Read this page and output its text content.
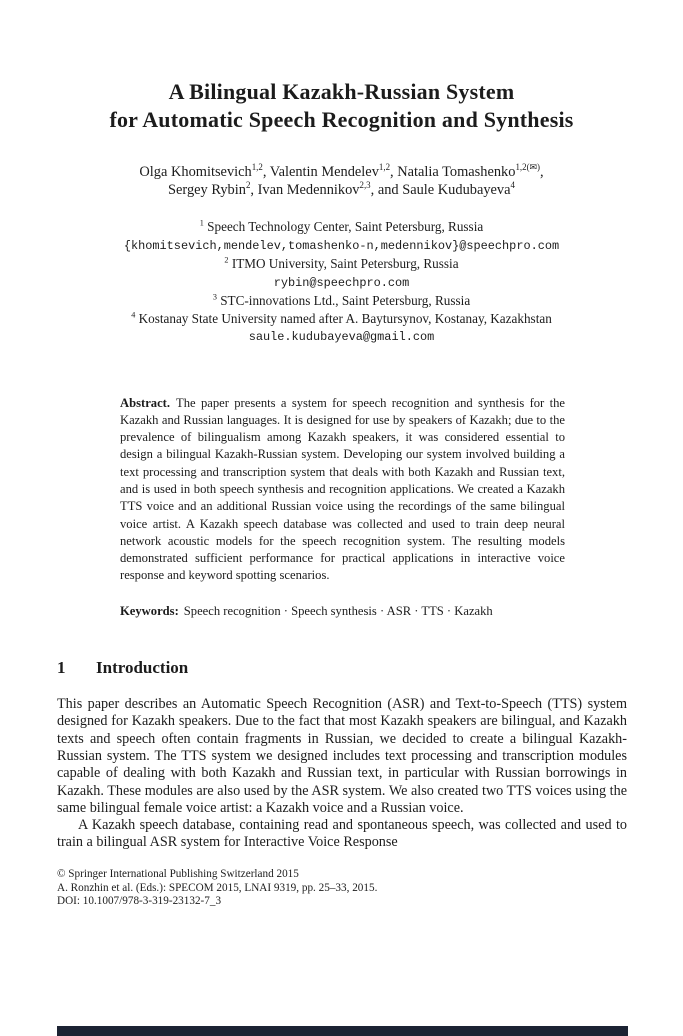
A Bilingual Kazakh-Russian System
for Automatic Speech Recognition and Synthesis
Olga Khomitsevich$^{1,2}$, Valentin Mendelev$^{1,2}$, Natalia Tomashenko$^{1,2(✉)}$,
Sergey Rybin$^2$, Ivan Medennikov$^{2,3}$, and Saule Kudubayeva$^4$
$^1$ Speech Technology Center, Saint Petersburg, Russia
{khomitsevich,mendelev,tomashenko-n,medennikov}@speechpro.com
$^2$ ITMO University, Saint Petersburg, Russia
rybin@speechpro.com
$^3$ STC-innovations Ltd., Saint Petersburg, Russia
$^4$ Kostanay State University named after A. Baytursynov, Kostanay, Kazakhstan
saule.kudubayeva@gmail.com
Abstract. The paper presents a system for speech recognition and synthesis for the Kazakh and Russian languages. It is designed for use by speakers of Kazakh; due to the prevalence of bilingualism among Kazakh speakers, it was considered essential to design a bilingual Kazakh-Russian system. Developing our system involved building a text processing and transcription system that deals with both Kazakh and Russian text, and is used in both speech synthesis and recognition applications. We created a Kazakh TTS voice and an additional Russian voice using the recordings of the same bilingual voice artist. A Kazakh speech database was collected and used to train deep neural network acoustic models for the speech recognition system. The resulting models demonstrated sufficient performance for practical applications in interactive voice response and keyword spotting scenarios.
Keywords: Speech recognition · Speech synthesis · ASR · TTS · Kazakh
1 Introduction

This paper describes an Automatic Speech Recognition (ASR) and Text-to-Speech (TTS) system designed for Kazakh speakers. Due to the fact that most Kazakh speakers are bilingual, and Kazakh texts and speech often contain fragments in Russian, we decided to create a bilingual Kazakh-Russian system. The TTS system we designed includes text processing and transcription modules capable of dealing with both Kazakh and Russian text, in particular with Russian borrowings in Kazakh. These modules are also used by the ASR system. We also created two TTS voices using the same bilingual female voice artist: a Kazakh voice and a Russian voice.

A Kazakh speech database, containing read and spontaneous speech, was collected and used to train a bilingual ASR system for Interactive Voice Response

© Springer International Publishing Switzerland 2015
A. Ronzhin et al. (Eds.): SPECOM 2015, LNAI 9319, pp. 25–33, 2015.
DOI: 10.1007/978-3-319-23132-7_3
